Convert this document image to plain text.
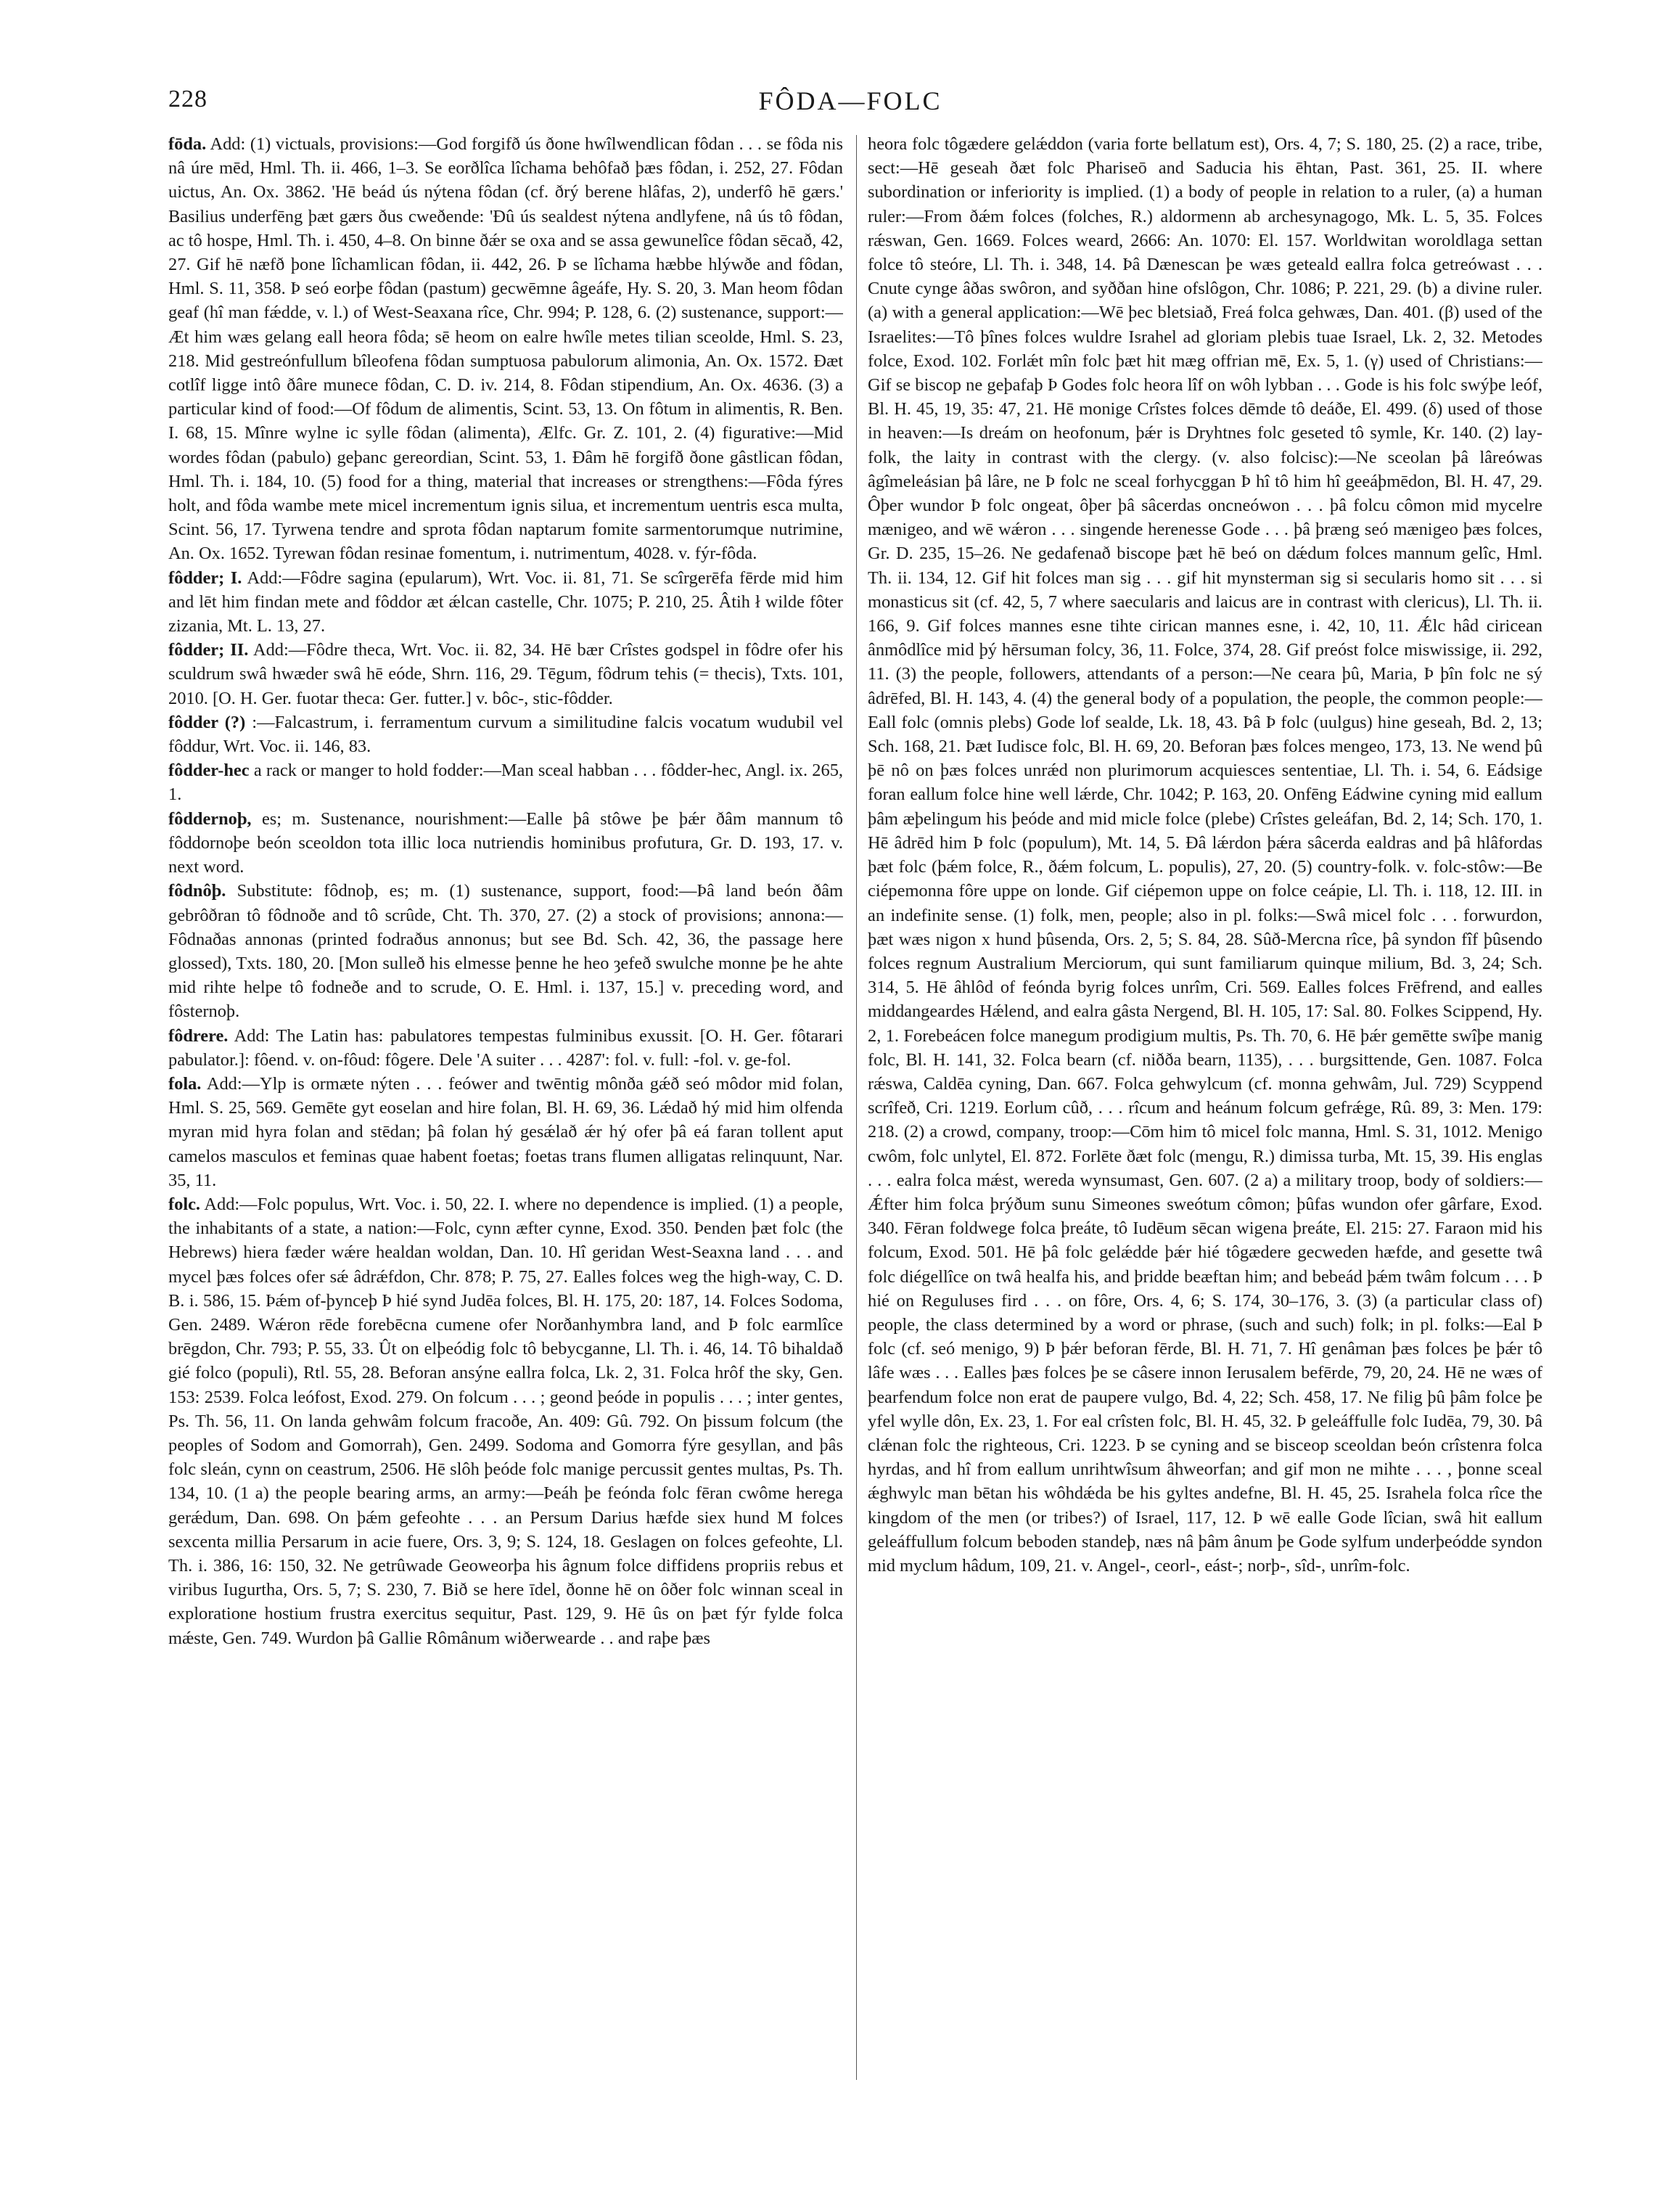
228	FÔDA—FOLC

fōda. Add: (1) victuals, provisions:—God forgifð ús ðone hwîlwendlican fôdan . . . se fôda nis nâ úre mēd, Hml. Th. ii. 466, 1–3. Se eorðlîca lîchama behôfað þæs fôdan, i. 252, 27. Fôdan uictus, An. Ox. 3862. 'Hē beád ús nýtena fôdan (cf. ðrý berene hlâfas, 2), underfô hē gærs.' Basilius underfēng þæt gærs ðus cweðende: 'Ðû ús sealdest nýtena andlyfene, nâ ús tô fôdan, ac tô hospe, Hml. Th. i. 450, 4–8. On binne ðǽr se oxa and se assa gewunelîce fôdan sēcað, 42, 27. Gif hē næfð þone lîchamlican fôdan, ii. 442, 26. Þ se lîchama hæbbe hlýwðe and fôdan, Hml. S. 11, 358. Þ seó eorþe fôdan (pastum) gecwēmne âgeáfe, Hy. S. 20, 3. Man heom fôdan geaf (hî man fǽdde, v. l.) of West-Seaxana rîce, Chr. 994; P. 128, 6. (2) sustenance, support:—Æt him wæs gelang eall heora fôda; sē heom on ealre hwîle metes tilian sceolde, Hml. S. 23, 218. Mid gestreónfullum bîleofena fôdan sumptuosa pabulorum alimonia, An. Ox. 1572. Ðæt cotlîf ligge intô ðâre munece fôdan, C. D. iv. 214, 8. Fôdan stipendium, An. Ox. 4636. (3) a particular kind of food:—Of fôdum de alimentis, Scint. 53, 13. On fôtum in alimentis, R. Ben. I. 68, 15. Mînre wylne ic sylle fôdan (alimenta), Ælfc. Gr. Z. 101, 2. (4) figurative:—Mid wordes fôdan (pabulo) geþanc gereordian, Scint. 53, 1. Ðâm hē forgifð ðone gâstlican fôdan, Hml. Th. i. 184, 10. (5) food for a thing, material that increases or strengthens:—Fôda fýres holt, and fôda wambe mete micel incrementum ignis silua, et incrementum uentris esca multa, Scint. 56, 17. Tyrwena tendre and sprota fôdan naptarum fomite sarmentorumque nutrimine, An. Ox. 1652. Tyrewan fôdan resinae fomentum, i. nutrimentum, 4028. v. fýr-fôda.

fôdder; I. Add:—Fôdre sagina (epularum), Wrt. Voc. ii. 81, 71. Se scîrgerēfa fērde mid him and lēt him findan mete and fôddor æt ǽlcan castelle, Chr. 1075; P. 210, 25. Âtih ł wilde fôter zizania, Mt. L. 13, 27.

fôdder; II. Add:—Fôdre theca, Wrt. Voc. ii. 82, 34. Hē bær Crîstes godspel in fôdre ofer his sculdrum swâ hwæder swâ hē eóde, Shrn. 116, 29. Tēgum, fôdrum tehis (= thecis), Txts. 101, 2010. [O. H. Ger. fuotar theca: Ger. futter.] v. bôc-, stic-fôdder.

fôdder (?) :—Falcastrum, i. ferramentum curvum a similitudine falcis vocatum wudubil vel fôddur, Wrt. Voc. ii. 146, 83.

fôdder-hec a rack or manger to hold fodder:—Man sceal habban . . . fôdder-hec, Angl. ix. 265, 1.

fôddernoþ, es; m. Sustenance, nourishment:—Ealle þâ stôwe þe þǽr ðâm mannum tô fôddornoþe beón sceoldon tota illic loca nutriendis hominibus profutura, Gr. D. 193, 17. v. next word.

fôdnôþ. Substitute: fôdnoþ, es; m. (1) sustenance, support, food:—Þâ land beón ðâm gebrôðran tô fôdnoðe and tô scrûde, Cht. Th. 370, 27. (2) a stock of provisions; annona:—Fôdnaðas annonas (printed fodraðus annonus; but see Bd. Sch. 42, 36, the passage here glossed), Txts. 180, 20. [Mon sulleð his elmesse þenne he heo ȝefeð swulche monne þe he ahte mid rihte helpe tô fodneðe and to scrude, O. E. Hml. i. 137, 15.] v. preceding word, and fôsternoþ.

fôdrere. Add: The Latin has: pabulatores tempestas fulminibus exussit. [O. H. Ger. fôtarari pabulator.]: fôend. v. on-fôud: fôgere. Dele 'A suiter . . . 4287': fol. v. full: -fol. v. ge-fol.

fola. Add:—Ylp is ormæte nýten . . . feówer and twēntig mônða gǽð seó môdor mid folan, Hml. S. 25, 569. Gemēte gyt eoselan and hire folan, Bl. H. 69, 36. Lǽdað hý mid him olfenda myran mid hyra folan and stēdan; þâ folan hý gesǽlað ǽr hý ofer þâ eá faran tollent aput camelos masculos et feminas quae habent foetas; foetas trans flumen alligatas relinquunt, Nar. 35, 11.

folc. Add:—Folc populus, Wrt. Voc. i. 50, 22. I. where no dependence is implied. (1) a people, the inhabitants of a state, a nation:—Folc, cynn æfter cynne, Exod. 350. Þenden þæt folc (the Hebrews) hiera fæder wǽre healdan woldan, Dan. 10. Hî geridan West-Seaxna land . . . and mycel þæs folces ofer sǽ âdrǽfdon, Chr. 878; P. 75, 27. Ealles folces weg the high-way, C. D. B. i. 586, 15. Þǽm of-þynceþ Þ hié synd Judēa folces, Bl. H. 175, 20: 187, 14. Folces Sodoma, Gen. 2489. Wǽron rēde forebēcna cumene ofer Norðanhymbra land, and Þ folc earmlîce brēgdon, Chr. 793; P. 55, 33. Ût on elþeódig folc tô bebycganne, Ll. Th. i. 46, 14. Tô bihaldað gié folco (populi), Rtl. 55, 28. Beforan ansýne eallra folca, Lk. 2, 31. Folca hrôf the sky, Gen. 153: 2539. Folca leófost, Exod. 279. On folcum . . . ; geond þeóde in populis . . . ; inter gentes, Ps. Th. 56, 11. On landa gehwâm folcum fracoðe, An. 409: Gû. 792. On þissum folcum (the peoples of Sodom and Gomorrah), Gen. 2499. Sodoma and Gomorra fýre gesyllan, and þâs folc sleán, cynn on ceastrum, 2506. Hē slôh þeóde folc manige percussit gentes multas, Ps. Th. 134, 10. (1 a) the people bearing arms, an army:—Þeáh þe feónda folc fēran cwôme herega gerǽdum, Dan. 698. On þǽm gefeohte . . . an Persum Darius hæfde siex hund M folces sexcenta millia Persarum in acie fuere, Ors. 3, 9; S. 124, 18. Geslagen on folces gefeohte, Ll. Th. i. 386, 16: 150, 32. Ne getrûwade Geoweorþa his âgnum folce diffidens propriis rebus et viribus Iugurtha, Ors. 5, 7; S. 230, 7. Bið se here īdel, ðonne hē on ôðer folc winnan sceal in exploratione hostium frustra exercitus sequitur, Past. 129, 9. Hē ûs on þæt fýr fylde folca mǽste, Gen. 749. Wurdon þâ Gallie Rômânum wiðerwearde . . and raþe þæs

heora folc tôgædere gelǽddon (varia forte bellatum est), Ors. 4, 7; S. 180, 25. (2) a race, tribe, sect:—Hē geseah ðæt folc Phariseō and Saducia his ēhtan, Past. 361, 25. II. where subordination or inferiority is implied. (1) a body of people in relation to a ruler, (a) a human ruler:—From ðǽm folces (folches, R.) aldormenn ab archesynagogo, Mk. L. 5, 35. Folces rǽswan, Gen. 1669. Folces weard, 2666: An. 1070: El. 157. Worldwitan woroldlaga settan folce tô steóre, Ll. Th. i. 348, 14. Þâ Dænescan þe wæs geteald eallra folca getreówast . . . Cnute cynge âðas swôron, and syððan hine ofslôgon, Chr. 1086; P. 221, 29. (b) a divine ruler. (a) with a general application:—Wē þec bletsiað, Freá folca gehwæs, Dan. 401. (β) used of the Israelites:—Tô þînes folces wuldre Israhel ad gloriam plebis tuae Israel, Lk. 2, 32. Metodes folce, Exod. 102. Forlǽt mîn folc þæt hit mæg offrian mē, Ex. 5, 1. (γ) used of Christians:—Gif se biscop ne geþafaþ Þ Godes folc heora lîf on wôh lybban . . . Gode is his folc swýþe leóf, Bl. H. 45, 19, 35: 47, 21. Hē monige Crîstes folces dēmde tô deáðe, El. 499. (δ) used of those in heaven:—Is dreám on heofonum, þǽr is Dryhtnes folc geseted tô symle, Kr. 140. (2) lay-folk, the laity in contrast with the clergy. (v. also folcisc):—Ne sceolan þâ lâreówas âgîmeleásian þâ lâre, ne Þ folc ne sceal forhycggan Þ hî tô him hî geeáþmēdon, Bl. H. 47, 29. Ôþer wundor Þ folc ongeat, ôþer þâ sâcerdas oncneówon . . . þâ folcu cômon mid mycelre mænigeo, and wē wǽron . . . singende herenesse Gode . . . þâ þræng seó mænigeo þæs folces, Gr. D. 235, 15–26. Ne gedafenað biscope þæt hē beó on dǽdum folces mannum gelîc, Hml. Th. ii. 134, 12. Gif hit folces man sig . . . gif hit mynsterman sig si secularis homo sit . . . si monasticus sit (cf. 42, 5, 7 where saecularis and laicus are in contrast with clericus), Ll. Th. ii. 166, 9. Gif folces mannes esne tihte cirican mannes esne, i. 42, 10, 11. Ǽlc hâd ciricean ânmôdlîce mid þý hērsuman folcy, 36, 11. Folce, 374, 28. Gif preóst folce miswissige, ii. 292, 11. (3) the people, followers, attendants of a person:—Ne ceara þû, Maria, Þ þîn folc ne sý âdrēfed, Bl. H. 143, 4. (4) the general body of a population, the people, the common people:—Eall folc (omnis plebs) Gode lof sealde, Lk. 18, 43. Þâ Þ folc (uulgus) hine geseah, Bd. 2, 13; Sch. 168, 21. Þæt Iudisce folc, Bl. H. 69, 20. Beforan þæs folces mengeo, 173, 13. Ne wend þû þē nô on þæs folces unrǽd non plurimorum acquiesces sententiae, Ll. Th. i. 54, 6. Eádsige foran eallum folce hine well lǽrde, Chr. 1042; P. 163, 20. Onfēng Eádwine cyning mid eallum þâm æþelingum his þeóde and mid micle folce (plebe) Crîstes geleáfan, Bd. 2, 14; Sch. 170, 1. Hē âdrēd him Þ folc (populum), Mt. 14, 5. Ðâ lǽrdon þǽra sâcerda ealdras and þâ hlâfordas þæt folc (þǽm folce, R., ðǽm folcum, L. populis), 27, 20. (5) country-folk. v. folc-stôw:—Be ciépemonna fôre uppe on londe. Gif ciépemon uppe on folce ceápie, Ll. Th. i. 118, 12. III. in an indefinite sense. (1) folk, men, people; also in pl. folks:—Swâ micel folc . . . forwurdon, þæt wæs nigon x hund þûsenda, Ors. 2, 5; S. 84, 28. Sûð-Mercna rîce, þâ syndon fîf þûsendo folces regnum Australium Merciorum, qui sunt familiarum quinque milium, Bd. 3, 24; Sch. 314, 5. Hē âhlôd of feónda byrig folces unrîm, Cri. 569. Ealles folces Frēfrend, and ealles middangeardes Hǽlend, and ealra gâsta Nergend, Bl. H. 105, 17: Sal. 80. Folkes Scippend, Hy. 2, 1. Forebeácen folce manegum prodigium multis, Ps. Th. 70, 6. Hē þǽr gemētte swîþe manig folc, Bl. H. 141, 32. Folca bearn (cf. niðða bearn, 1135), . . . burgsittende, Gen. 1087. Folca rǽswa, Caldēa cyning, Dan. 667. Folca gehwylcum (cf. monna gehwâm, Jul. 729) Scyppend scrîfeð, Cri. 1219. Eorlum cûð, . . . rîcum and heánum folcum gefrǽge, Rû. 89, 3: Men. 179: 218. (2) a crowd, company, troop:—Cōm him tô micel folc manna, Hml. S. 31, 1012. Menigo cwôm, folc unlytel, El. 872. Forlēte ðæt folc (mengu, R.) dimissa turba, Mt. 15, 39. His englas . . . ealra folca mǽst, wereda wynsumast, Gen. 607. (2 a) a military troop, body of soldiers:—Ǽfter him folca þrýðum sunu Simeones sweótum cômon; þûfas wundon ofer gârfare, Exod. 340. Fēran foldwege folca þreáte, tô Iudēum sēcan wigena þreáte, El. 215: 27. Faraon mid his folcum, Exod. 501. Hē þâ folc gelǽdde þǽr hié tôgædere gecweden hæfde, and gesette twâ folc diégellîce on twâ healfa his, and þridde beæftan him; and bebeád þǽm twâm folcum . . . Þ hié on Reguluses fird . . . on fôre, Ors. 4, 6; S. 174, 30–176, 3. (3) (a particular class of) people, the class determined by a word or phrase, (such and such) folk; in pl. folks:—Eal Þ folc (cf. seó menigo, 9) Þ þǽr beforan fērde, Bl. H. 71, 7. Hî genâman þæs folces þe þǽr tô lâfe wæs . . . Ealles þæs folces þe se câsere innon Ierusalem befērde, 79, 20, 24. Hē ne wæs of þearfendum folce non erat de paupere vulgo, Bd. 4, 22; Sch. 458, 17. Ne filig þû þâm folce þe yfel wylle dôn, Ex. 23, 1. For eal crîsten folc, Bl. H. 45, 32. Þ geleáffulle folc Iudēa, 79, 30. Þâ clǽnan folc the righteous, Cri. 1223. Þ se cyning and se bisceop sceoldan beón crîstenra folca hyrdas, and hî from eallum unrihtwîsum âhweorfan; and gif mon ne mihte . . . , þonne sceal ǽghwylc man bētan his wôhdǽda be his gyltes andefne, Bl. H. 45, 25. Israhela folca rîce the kingdom of the men (or tribes?) of Israel, 117, 12. Þ wē ealle Gode lîcian, swâ hit eallum geleáffullum folcum beboden standeþ, næs nâ þâm ânum þe Gode sylfum underþeódde syndon mid myclum hâdum, 109, 21. v. Angel-, ceorl-, eást-; norþ-, sîd-, unrîm-folc.
